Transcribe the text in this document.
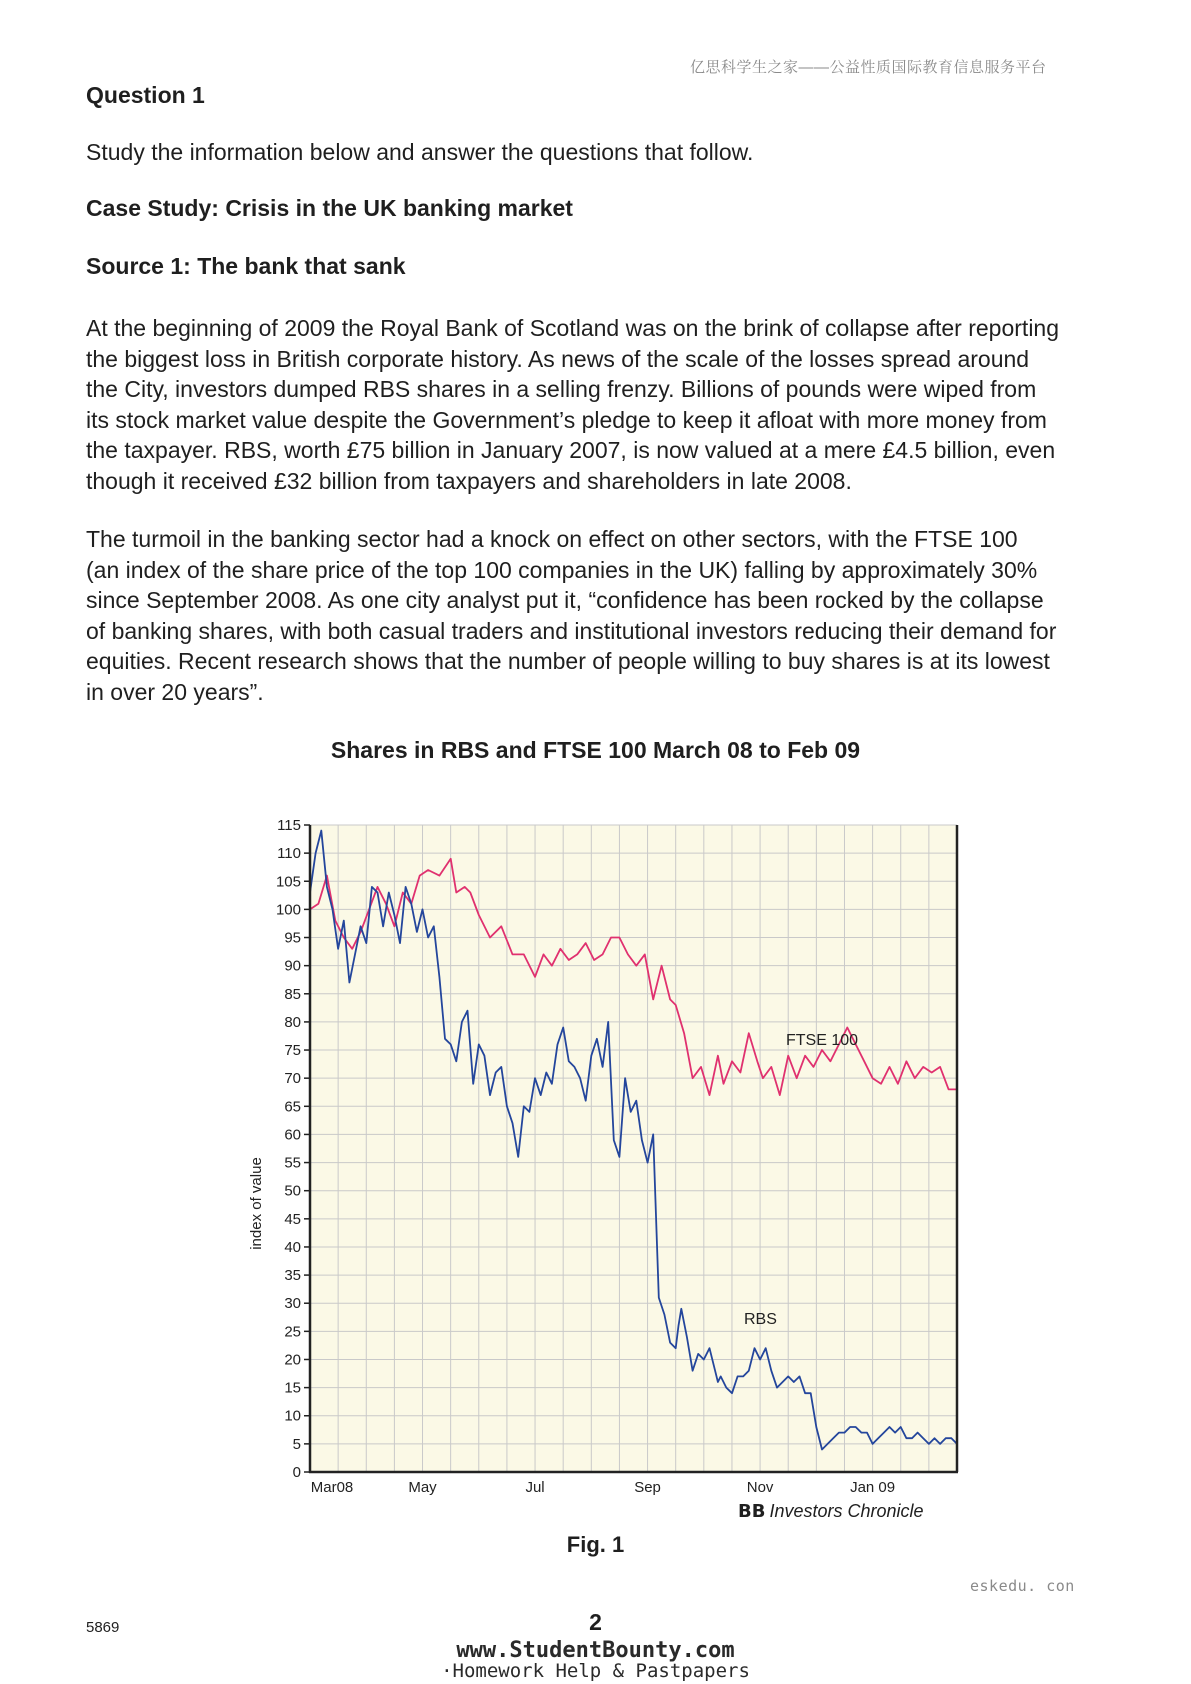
亿思科学生之家——公益性质国际教育信息服务平台
Question 1
Study the information below and answer the questions that follow.
Case Study: Crisis in the UK banking market
Source 1: The bank that sank
At the beginning of 2009 the Royal Bank of Scotland was on the brink of collapse after reporting
the biggest loss in British corporate history. As news of the scale of the losses spread around
the City, investors dumped RBS shares in a selling frenzy. Billions of pounds were wiped from
its stock market value despite the Government’s pledge to keep it afloat with more money from
the taxpayer. RBS, worth £75 billion in January 2007, is now valued at a mere £4.5 billion, even
though it received £32 billion from taxpayers and shareholders in late 2008.
The turmoil in the banking sector had a knock on effect on other sectors, with the FTSE 100
(an index of the share price of the top 100 companies in the UK) falling by approximately 30%
since September 2008. As one city analyst put it, “confidence has been rocked by the collapse
of banking shares, with both casual traders and institutional investors reducing their demand for
equities. Recent research shows that the number of people willing to buy shares is at its lowest
in over 20 years”.
Shares in RBS and FTSE 100 March 08 to Feb 09
0
5
10
15
20
25
30
35
40
45
50
55
60
65
70
75
80
85
90
95
100
105
110
115
Mar08	May	Jul	Sep	Nov	Jan 09
index of value
FTSE 100
RBS
BB Investors Chronicle
Fig. 1
eskedu. con
5869	2
www.StudentBounty.com
·Homework Help & Pastpapers
